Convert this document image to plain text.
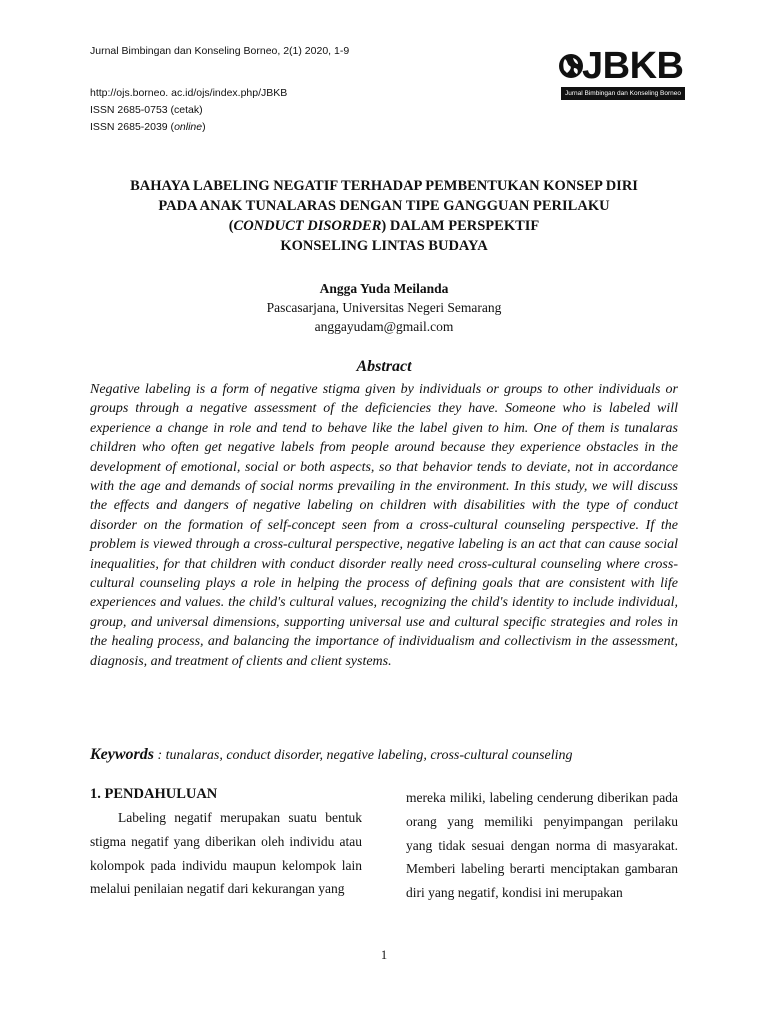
Jurnal Bimbingan dan Konseling Borneo, 2(1) 2020, 1-9
http://ojs.borneo. ac.id/ojs/index.php/JBKB
ISSN 2685-0753 (cetak)
ISSN 2685-2039 (online)
JBKB
Jurnal Bimbingan dan Konseling Borneo
BAHAYA LABELING NEGATIF TERHADAP PEMBENTUKAN KONSEP DIRI
PADA ANAK TUNALARAS DENGAN TIPE GANGGUAN PERILAKU
(CONDUCT DISORDER) DALAM PERSPEKTIF
KONSELING LINTAS BUDAYA
Angga Yuda Meilanda
Pascasarjana, Universitas Negeri Semarang
anggayudam@gmail.com
Abstract
Negative labeling is a form of negative stigma given by individuals or groups to other individuals or groups through a negative assessment of the deficiencies they have. Someone who is labeled will experience a change in role and tend to behave like the label given to him. One of them is tunalaras children who often get negative labels from people around because they experience obstacles in the development of emotional, social or both aspects, so that behavior tends to deviate, not in accordance with the age and demands of social norms prevailing in the environment. In this study, we will discuss the effects and dangers of negative labeling on children with disabilities with the type of conduct disorder on the formation of self-concept seen from a cross-cultural counseling perspective. If the problem is viewed through a cross-cultural perspective, negative labeling is an act that can cause social inequalities, for that children with conduct disorder really need cross-cultural counseling where cross-cultural counseling plays a role in helping the process of defining goals that are consistent with life experiences and values. the child's cultural values, recognizing the child's identity to include individual, group, and universal dimensions, supporting universal use and cultural specific strategies and roles in the healing process, and balancing the importance of individualism and collectivism in the assessment, diagnosis, and treatment of clients and client systems.
Keywords : tunalaras, conduct disorder, negative labeling, cross-cultural counseling
1. PENDAHULUAN

Labeling negatif merupakan suatu bentuk stigma negatif yang diberikan oleh individu atau kolompok pada individu maupun kelompok lain melalui penilaian negatif dari kekurangan yang

mereka miliki, labeling cenderung diberikan pada orang yang memiliki penyimpangan perilaku yang tidak sesuai dengan norma di masyarakat. Memberi labeling berarti menciptakan gambaran diri yang negatif, kondisi ini merupakan

1
